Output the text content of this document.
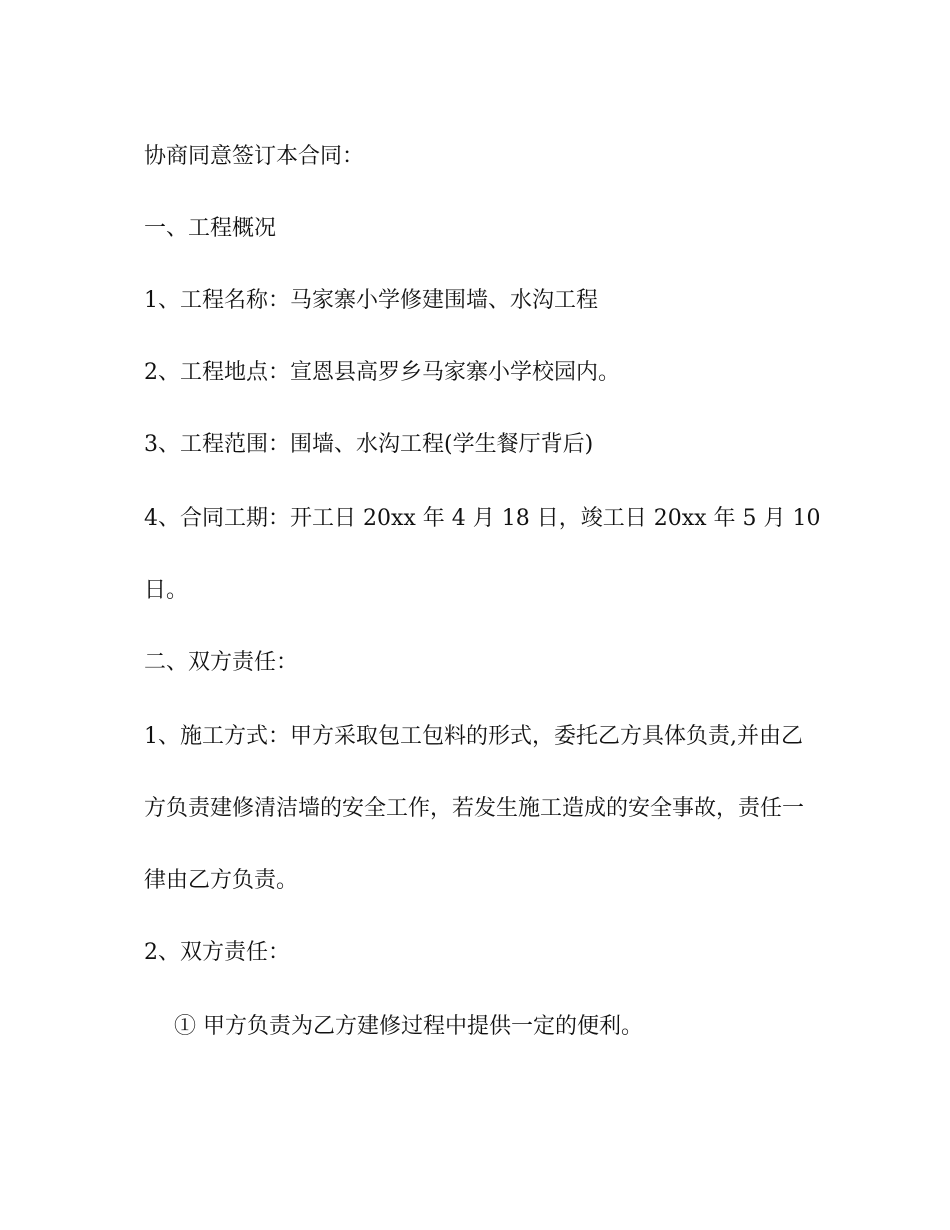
协商同意签订本合同：
一、工程概况
1、工程名称：马家寨小学修建围墙、水沟工程
2、工程地点：宣恩县高罗乡马家寨小学校园内。
3、工程范围：围墙、水沟工程(学生餐厅背后)
4、合同工期：开工日 20xx 年 4 月 18 日，竣工日 20xx 年 5 月 10
日。
二、双方责任：
1、施工方式：甲方采取包工包料的形式，委托乙方具体负责,并由乙
方负责建修清洁墙的安全工作，若发生施工造成的安全事故，责任一
律由乙方负责。
2、双方责任：
① 甲方负责为乙方建修过程中提供一定的便利。
